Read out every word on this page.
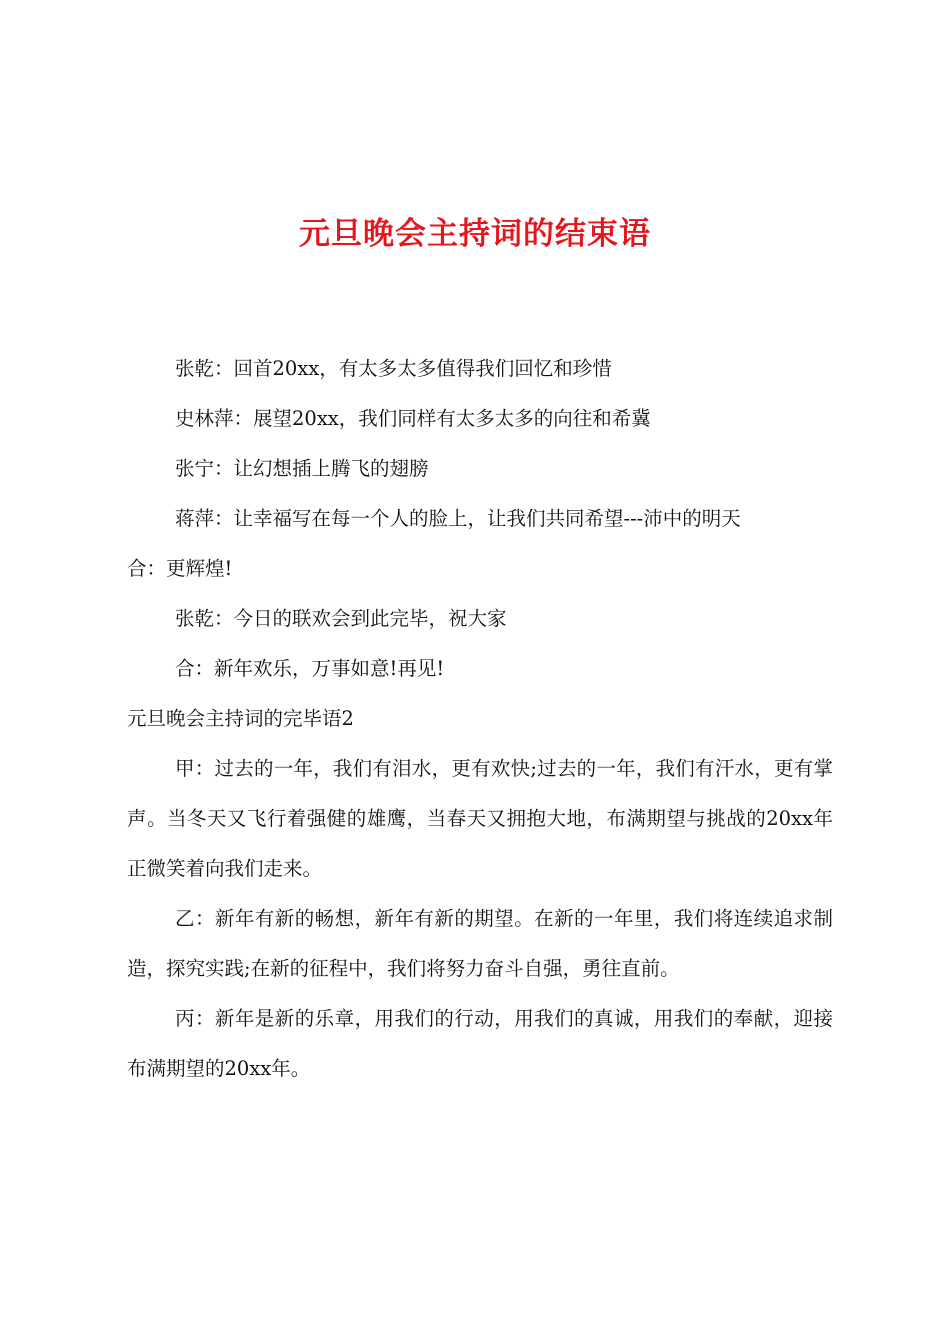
元旦晚会主持词的结束语

张乾：回首20xx，有太多太多值得我们回忆和珍惜

史林萍：展望20xx，我们同样有太多太多的向往和希冀

张宁：让幻想插上腾飞的翅膀

蒋萍：让幸福写在每一个人的脸上，让我们共同希望---沛中的明天

合：更辉煌!

张乾：今日的联欢会到此完毕，祝大家

合：新年欢乐，万事如意!再见!

元旦晚会主持词的完毕语2

甲：过去的一年，我们有泪水，更有欢快;过去的一年，我们有汗水，更有掌声。当冬天又飞行着强健的雄鹰，当春天又拥抱大地，布满期望与挑战的20xx年正微笑着向我们走来。

乙：新年有新的畅想，新年有新的期望。在新的一年里，我们将连续追求制造，探究实践;在新的征程中，我们将努力奋斗自强，勇往直前。

丙：新年是新的乐章，用我们的行动，用我们的真诚，用我们的奉献，迎接布满期望的20xx年。
